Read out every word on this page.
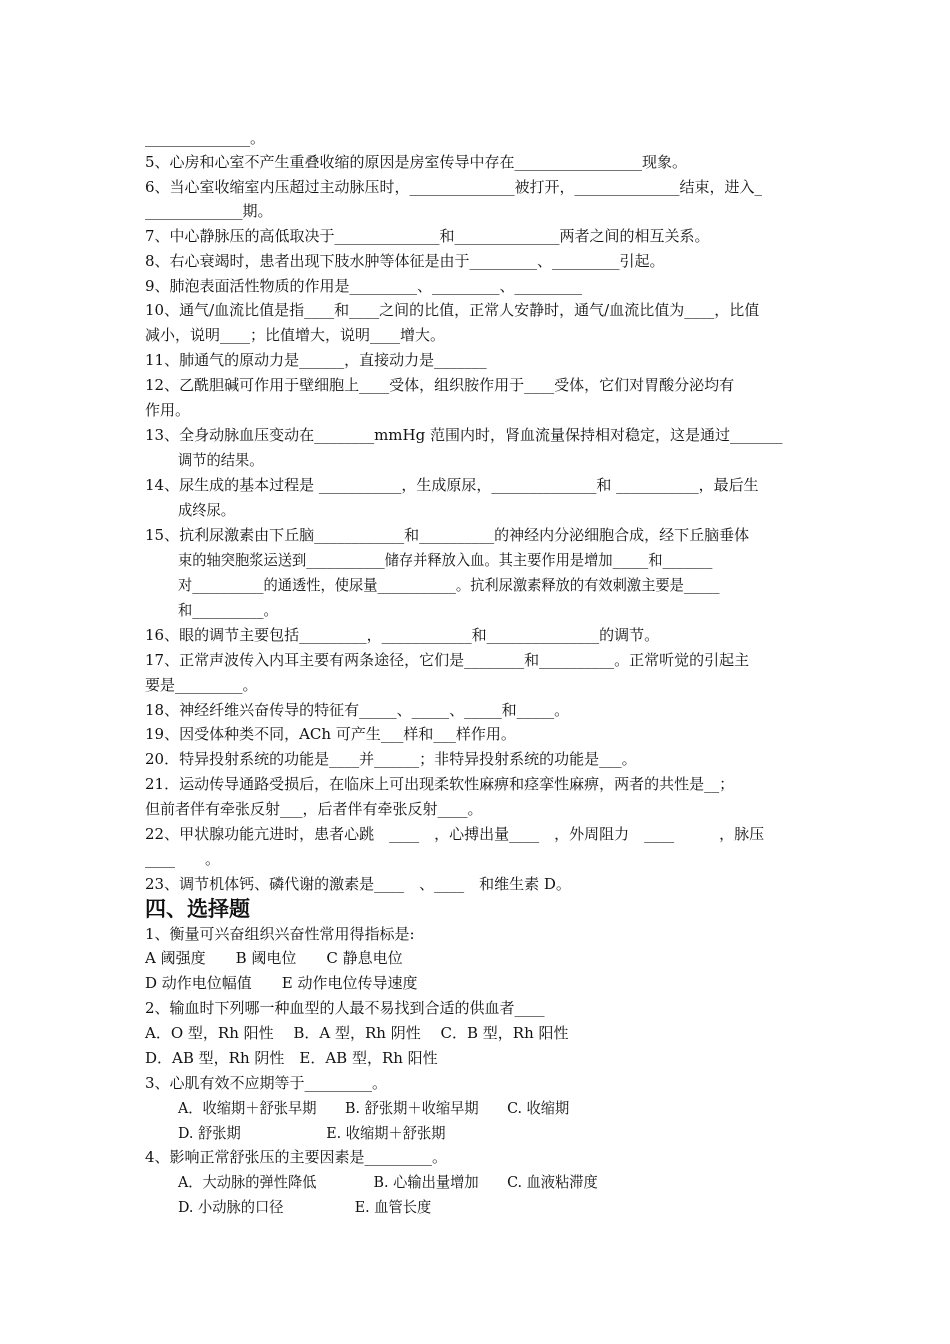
______________。
5、心房和心室不产生重叠收缩的原因是房室传导中存在_________________现象。
6、当心室收缩室内压超过主动脉压时，______________被打开，______________结束，进入_
_____________期。
7、中心静脉压的高低取决于______________和______________两者之间的相互关系。
8、右心衰竭时，患者出现下肢水肿等体征是由于_________、_________引起。
9、肺泡表面活性物质的作用是_________、_________、_________
10、通气/血流比值是指____和____之间的比值，正常人安静时，通气/血流比值为____，比值
减小，说明____；比值增大，说明____增大。
11、肺通气的原动力是______，直接动力是_______
12、乙酰胆碱可作用于壁细胞上____受体，组织胺作用于____受体，它们对胃酸分泌均有
作用。
13、全身动脉血压变动在________mmHg 范围内时，肾血流量保持相对稳定，这是通过_______
调节的结果。
14、尿生成的基本过程是 ___________，生成原尿，______________和 ___________，最后生
成终尿。
15、抗利尿激素由下丘脑____________和__________的神经内分泌细胞合成，经下丘脑垂体
束的轴突胞浆运送到___________储存并释放入血。其主要作用是增加_____和_______
对__________的通透性，使尿量___________。抗利尿激素释放的有效刺激主要是_____
和__________。
16、眼的调节主要包括_________，____________和_______________的调节。
17、正常声波传入内耳主要有两条途径，它们是________和__________。正常听觉的引起主
要是_________。
18、神经纤维兴奋传导的特征有_____、_____、_____和_____。
19、因受体种类不同，ACh 可产生___样和___样作用。
20．特异投射系统的功能是____并______；非特异投射系统的功能是___。
21．运动传导通路受损后，在临床上可出现柔软性麻痹和痉挛性麻痹，两者的共性是__；
但前者伴有牵张反射___，后者伴有牵张反射____。
22、甲状腺功能亢进时，患者心跳　____　，心搏出量____　，外周阻力　____　　　，脉压
____　　。
23、调节机体钙、磷代谢的激素是____　、____　和维生素 D。
四、选择题
1、衡量可兴奋组织兴奋性常用得指标是:
A 阈强度　　B 阈电位　　C 静息电位
D 动作电位幅值　　E 动作电位传导速度
2、输血时下列哪一种血型的人最不易找到合适的供血者____
A．O 型，Rh 阳性　 B．A 型，Rh 阴性　 C．B 型，Rh 阳性
D．AB 型，Rh 阴性　E．AB 型，Rh 阳性
3、心肌有效不应期等于_________。
A．收缩期＋舒张早期　　B. 舒张期＋收缩早期　　C. 收缩期
D. 舒张期　　　　　　E. 收缩期＋舒张期
4、影响正常舒张压的主要因素是_________。
A．大动脉的弹性降低　　　　B. 心输出量增加　　C. 血液粘滞度
D. 小动脉的口径　　　　　E. 血管长度
